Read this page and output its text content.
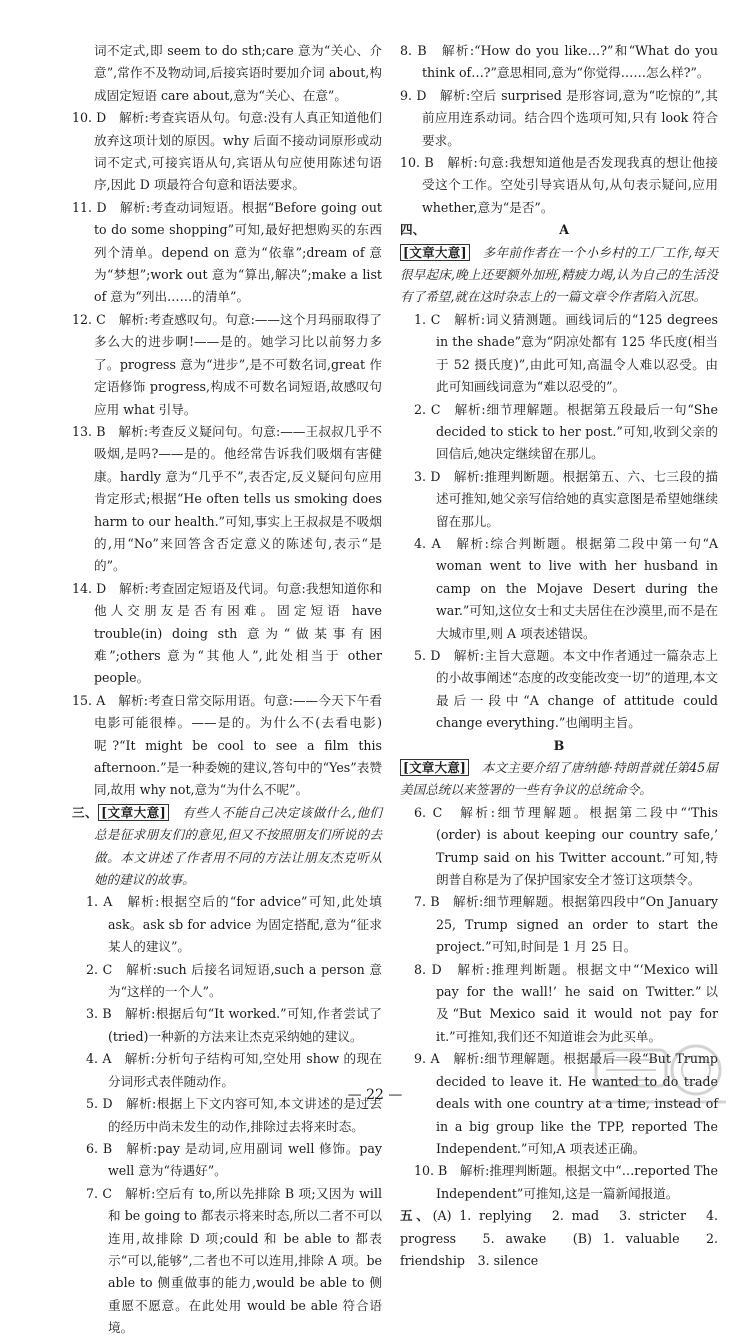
词不定式,即 seem to do sth;care 意为“关心、介意”,常作不及物动词,后接宾语时要加介词 about,构成固定短语 care about,意为“关心、在意”。

10. D　解析:考查宾语从句。句意:没有人真正知道他们放弃这项计划的原因。why 后面不接动词原形或动词不定式,可接宾语从句,宾语从句应使用陈述句语序,因此 D 项最符合句意和语法要求。

11. D　解析:考查动词短语。根据“Before going out to do some shopping”可知,最好把想购买的东西列个清单。depend on 意为“依靠”;dream of 意为“梦想”;work out 意为“算出,解决”;make a list of 意为“列出……的清单”。

12. C　解析:考查感叹句。句意:——这个月玛丽取得了多么大的进步啊!——是的。她学习比以前努力多了。progress 意为“进步”,是不可数名词,great 作定语修饰 progress,构成不可数名词短语,故感叹句应用 what 引导。

13. B　解析:考查反义疑问句。句意:——王叔叔几乎不吸烟,是吗?——是的。他经常告诉我们吸烟有害健康。hardly 意为“几乎不”,表否定,反义疑问句应用肯定形式;根据“He often tells us smoking does harm to our health.”可知,事实上王叔叔是不吸烟的,用“No”来回答含否定意义的陈述句,表示“是的”。

14. D　解析:考查固定短语及代词。句意:我想知道你和他人交朋友是否有困难。固定短语 have trouble(in) doing sth 意为“做某事有困难”;others 意为“其他人”,此处相当于 other people。

15. A　解析:考查日常交际用语。句意:——今天下午看电影可能很棒。——是的。为什么不(去看电影)呢?“It might be cool to see a film this afternoon.”是一种委婉的建议,答句中的“Yes”表赞同,故用 why not,意为“为什么不呢”。

三、 [文章大意]　有些人不能自己决定该做什么,他们总是征求朋友们的意见,但又不按照朋友们所说的去做。本文讲述了作者用不同的方法让朋友杰克听从她的建议的故事。

1. A　解析:根据空后的“for advice”可知,此处填 ask。ask sb for advice 为固定搭配,意为“征求某人的建议”。

2. C　解析:such 后接名词短语,such a person 意为“这样的一个人”。

3. B　解析:根据后句“It worked.”可知,作者尝试了(tried)一种新的方法来让杰克采纳她的建议。

4. A　解析:分析句子结构可知,空处用 show 的现在分词形式表伴随动作。

5. D　解析:根据上下文内容可知,本文讲述的是过去的经历中尚未发生的动作,排除过去将来时态。

6. B　解析:pay 是动词,应用副词 well 修饰。pay well 意为“待遇好”。

7. C　解析:空后有 to,所以先排除 B 项;又因为 will 和 be going to 都表示将来时态,所以二者不可以连用,故排除 D 项;could 和 be able to 都表示“可以,能够”,二者也不可以连用,排除 A 项。be able to 侧重做事的能力,would be able to 侧重愿不愿意。在此处用 would be able 符合语境。

8. B　解析:“How do you like…?”和“What do you think of…?”意思相同,意为“你觉得……怎么样?”。

9. D　解析:空后 surprised 是形容词,意为“吃惊的”,其前应用连系动词。结合四个选项可知,只有 look 符合要求。

10. B　解析:句意:我想知道他是否发现我真的想让他接受这个工作。空处引导宾语从句,从句表示疑问,应用 whether,意为“是否”。

四、	A

[文章大意]　多年前作者在一个小乡村的工厂工作,每天很早起床,晚上还要额外加班,精疲力竭,认为自己的生活没有了希望,就在这时杂志上的一篇文章令作者陷入沉思。

1. C　解析:词义猜测题。画线词后的“125 degrees in the shade”意为“阴凉处都有 125 华氏度(相当于 52 摄氏度)”,由此可知,高温令人难以忍受。由此可知画线词意为“难以忍受的”。

2. C　解析:细节理解题。根据第五段最后一句“She decided to stick to her post.”可知,收到父亲的回信后,她决定继续留在那儿。

3. D　解析:推理判断题。根据第五、六、七三段的描述可推知,她父亲写信给她的真实意图是希望她继续留在那儿。

4. A　解析:综合判断题。根据第二段中第一句“A woman went to live with her husband in camp on the Mojave Desert during the war.”可知,这位女士和丈夫居住在沙漠里,而不是在大城市里,则 A 项表述错误。

5. D　解析:主旨大意题。本文中作者通过一篇杂志上的小故事阐述“态度的改变能改变一切”的道理,本文最后一段中“A change of attitude could change everything.”也阐明主旨。

B

[文章大意]　本文主要介绍了唐纳德·特朗普就任第45届美国总统以来签署的一些有争议的总统命令。

6. C　解析:细节理解题。根据第二段中“‘This (order) is about keeping our country safe,’ Trump said on his Twitter account.”可知,特朗普自称是为了保护国家安全才签订这项禁令。

7. B　解析:细节理解题。根据第四段中“On January 25, Trump signed an order to start the project.”可知,时间是 1 月 25 日。

8. D　解析:推理判断题。根据文中“‘Mexico will pay for the wall!’ he said on Twitter.”以及“But Mexico said it would not pay for it.”可推知,我们还不知道谁会为此买单。

9. A　解析:细节理解题。根据最后一段“But Trump decided to leave it. He wanted to do trade deals with one country at a time, instead of in a big group like the TPP, reported The Independent.”可知,A 项表述正确。

10. B　解析:推理判断题。根据文中“…reported The Independent”可推知,这是一篇新闻报道。

五、(A) 1. replying　2. mad　3. stricter　4. progress　5. awake　(B) 1. valuable　2. friendship　3. silence

— 22 —
